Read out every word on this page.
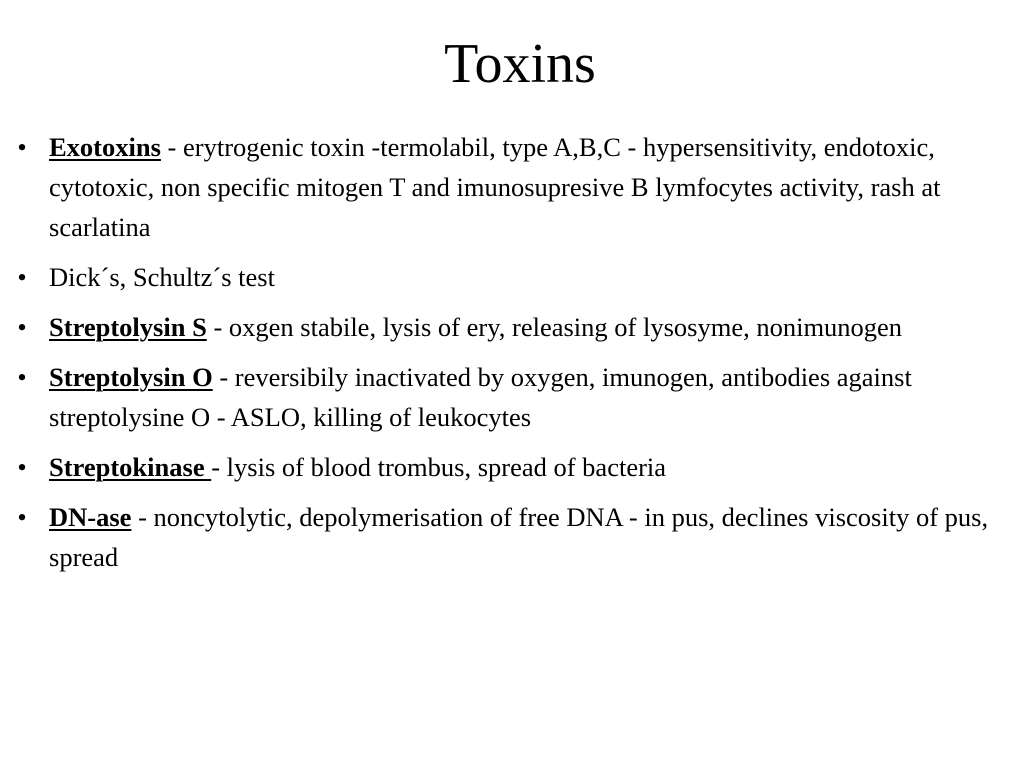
Toxins
• Exotoxins - erytrogenic toxin -termolabil, type A,B,C - hypersensitivity, endotoxic, cytotoxic, non specific mitogen T and imunosupresive B lymfocytes activity, rash at scarlatina
• Dick´s, Schultz´s test
• Streptolysin S - oxgen stabile, lysis of ery, releasing of lysosyme, nonimunogen
• Streptolysin O - reversibily inactivated by oxygen, imunogen, antibodies against streptolysine O - ASLO, killing of leukocytes
• Streptokinase - lysis of blood trombus, spread of bacteria
• DN-ase - noncytolytic, depolymerisation of free DNA - in pus, declines viscosity of pus, spread
